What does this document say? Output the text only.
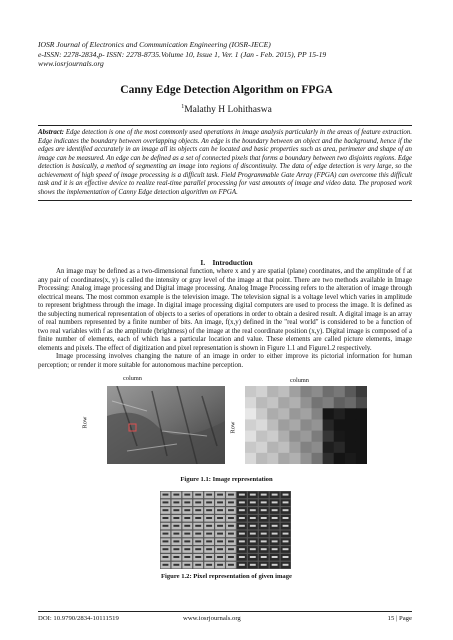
IOSR Journal of Electronics and Communication Engineering (IOSR-JECE)
e-ISSN: 2278-2834,p- ISSN: 2278-8735.Volume 10, Issue 1, Ver. 1 (Jan - Feb. 2015), PP 15-19
www.iosrjournals.org
Canny Edge Detection Algorithm on FPGA
$^1$Malathy H Lohithaswa
Abstract: Edge detection is one of the most commonly used operations in image analysis particularly in the areas of feature extraction. Edge indicates the boundary between overlapping objects. An edge is the boundary between an object and the background, hence if the edges are identified accurately in an image all its objects can be located and basic properties such as area, perimeter and shape of an image can be measured. An edge can be defined as a set of connected pixels that forms a boundary between two disjoints regions. Edge detection is basically, a method of segmenting an image into regions of discontinuity. The data of edge detection is very large, so the achievement of high speed of image processing is a difficult task. Field Programmable Gate Array (FPGA) can overcome this difficult task and it is an effective device to realize real-time parallel processing for vast amounts of image and video data. The proposed work shows the implementation of Canny Edge detection algorithm on FPGA.
I. Introduction

An image may be defined as a two-dimensional function, where x and y are spatial (plane) coordinates, and the amplitude of f at any pair of coordinates(x, y) is called the intensity or gray level of the image at that point. There are two methods available in Image Processing: Analog image processing and Digital image processing. Analog Image Processing refers to the alteration of image through electrical means. The most common example is the television image. The television signal is a voltage level which varies in amplitude to represent brightness through the image. In digital image processing digital computers are used to process the image. It is defined as the subjecting numerical representation of objects to a series of operations in order to obtain a desired result. A digital image is an array of real numbers represented by a finite number of bits. An image, f(x,y) defined in the "real world" is considered to be a function of two real variables with f as the amplitude (brightness) of the image at the real coordinate position (x,y). Digital image is composed of a finite number of elements, each of which has a particular location and value. These elements are called picture elements, image elements and pixels. The effect of digitization and pixel representation is shown in Figure 1.1 and Figure1.2 respectively.

Image processing involves changing the nature of an image in order to either improve its pictorial information for human perception; or render it more suitable for autonomous machine perception.

column
Row
column
Row
Figure 1.1: Image representation
Figure 1.2: Pixel representation of given image
DOI: 10.9790/2834-10111519	www.iosrjournals.org	15 | Page
